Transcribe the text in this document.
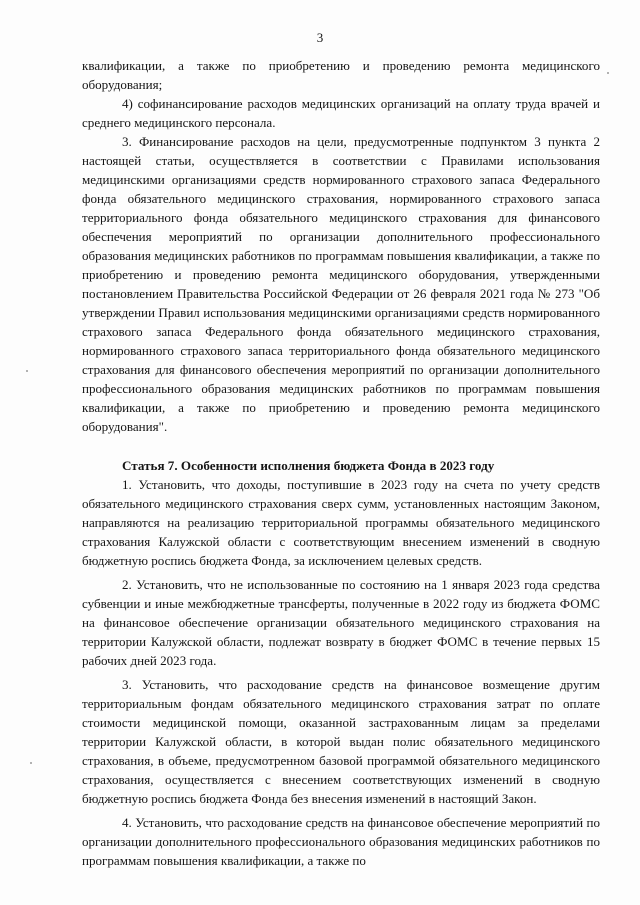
3

квалификации, а также по приобретению и проведению ремонта медицинского оборудования;

4) софинансирование расходов медицинских организаций на оплату труда врачей и среднего медицинского персонала.

3. Финансирование расходов на цели, предусмотренные подпунктом 3 пункта 2 настоящей статьи, осуществляется в соответствии с Правилами использования медицинскими организациями средств нормированного страхового запаса Федерального фонда обязательного медицинского страхования, нормированного страхового запаса территориального фонда обязательного медицинского страхования для финансового обеспечения мероприятий по организации дополнительного профессионального образования медицинских работников по программам повышения квалификации, а также по приобретению и проведению ремонта медицинского оборудования, утвержденными постановлением Правительства Российской Федерации от 26 февраля 2021 года № 273 "Об утверждении Правил использования медицинскими организациями средств нормированного страхового запаса Федерального фонда обязательного медицинского страхования, нормированного страхового запаса территориального фонда обязательного медицинского страхования для финансового обеспечения мероприятий по организации дополнительного профессионального образования медицинских работников по программам повышения квалификации, а также по приобретению и проведению ремонта медицинского оборудования".

Статья 7. Особенности исполнения бюджета Фонда в 2023 году

1. Установить, что доходы, поступившие в 2023 году на счета по учету средств обязательного медицинского страхования сверх сумм, установленных настоящим Законом, направляются на реализацию территориальной программы обязательного медицинского страхования Калужской области с соответствующим внесением изменений в сводную бюджетную роспись бюджета Фонда, за исключением целевых средств.

2. Установить, что не использованные по состоянию на 1 января 2023 года средства субвенции и иные межбюджетные трансферты, полученные в 2022 году из бюджета ФОМС на финансовое обеспечение организации обязательного медицинского страхования на территории Калужской области, подлежат возврату в бюджет ФОМС в течение первых 15 рабочих дней 2023 года.

3. Установить, что расходование средств на финансовое возмещение другим территориальным фондам обязательного медицинского страхования затрат по оплате стоимости медицинской помощи, оказанной застрахованным лицам за пределами территории Калужской области, в которой выдан полис обязательного медицинского страхования, в объеме, предусмотренном базовой программой обязательного медицинского страхования, осуществляется с внесением соответствующих изменений в сводную бюджетную роспись бюджета Фонда без внесения изменений в настоящий Закон.

4. Установить, что расходование средств на финансовое обеспечение мероприятий по организации дополнительного профессионального образования медицинских работников по программам повышения квалификации, а также по
